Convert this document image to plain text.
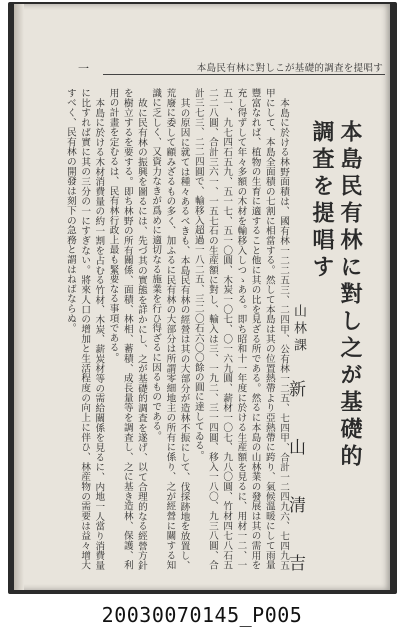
一	本島民有林に對しこが基礎的調査を提唱す
本島民有林に對し之が基礎的調査を提唱す
山林課
新　山　清　吉

本島に於ける林野面積は、國有林一二二五三、二四甲、公有林一二五、七四甲、合計一二四九六、七四九五甲にして、本島全面積の七割に相當する。然して本島は其の位置熱帶より亞熱帶に跨り、氣候溫暖にして雨量豐富なれば、植物の生育に適すること他に其の比を見ざる所である。然るに本島の山林業の發展は其の需用を充し得ずして年々多額の木材を輸移入しつゝある。即ち昭和十一年度に於ける生産額を見るに、用材一二、一五一、九七四石五九、五一七、五一〇圓、木炭一〇七、〇一六九圓、薪材一〇七、九八〇圓、竹材四七八石五二二八圓、合計三六一、一五七石の生産額に對し、輸入は三、一九二、三一四圓、移入一八〇、九三八圓、合計三七三、二二四圓で、輸移入超過一八二五、三二〇石六〇〇餘の圓に達してゐる。

其の原因に就ては種々あるべきも、本島民有林の經營は其の大部分が造林不振にして、伐採跡地を放置し、荒廢に委して顧みざるもの多く、加ふるに民有林の大部分は所謂零細地主の所有に係り、之が經營に關する知識に乏しく、又資力なきが爲めに適切なる施業を行ひ得ざるに因るものである。

故に民有林の振興を圖るには、先づ其の實態を詳かにし、之が基礎的調査を遂げ、以て合理的なる經營方針を樹立するを要する。即ち林野の所有關係、面積、林相、蓄積、成長量等を調査し、之に基き造林、保護、利用の計畫を定むるは、民有林行政上最も緊要なる事項である。

本島に於ける木材消費量の約一割を占むる竹材、木炭、薪炭材等の需給關係を見るに、内地一人當り消費量に比すれば實に其の三分の一にすぎない。將來人口の增加と生活程度の向上に伴ひ、林産物の需要は益々增大すべく、民有林の開發は刻下の急務と謂はねばならぬ。

20030070145_P005
